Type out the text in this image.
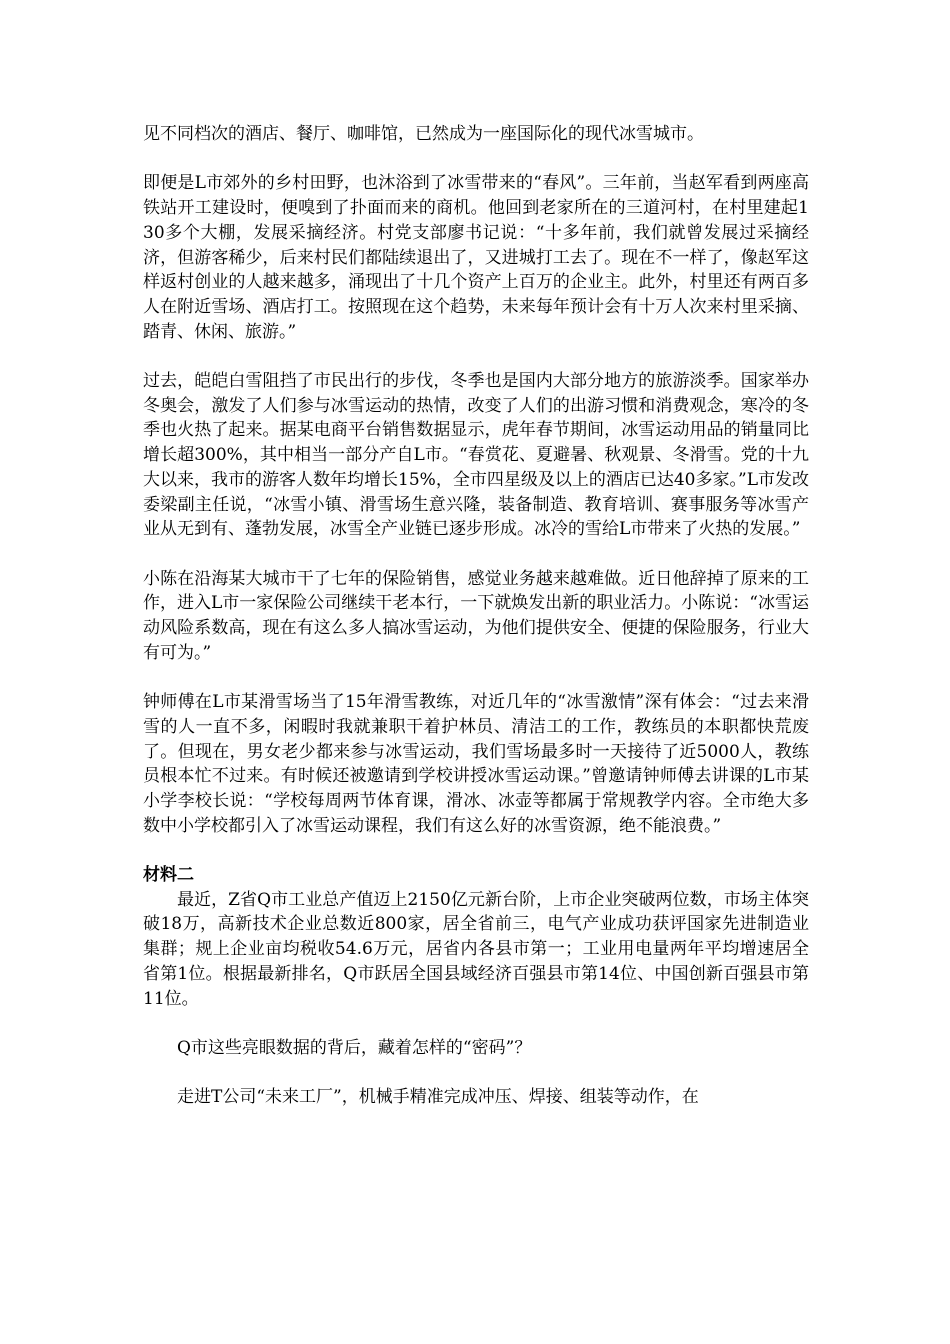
见不同档次的酒店、餐厅、咖啡馆，已然成为一座国际化的现代冰雪城市。

即便是L市郊外的乡村田野，也沐浴到了冰雪带来的“春风”。三年前，当赵军看到两座高铁站开工建设时，便嗅到了扑面而来的商机。他回到老家所在的三道河村，在村里建起130多个大棚，发展采摘经济。村党支部廖书记说：“十多年前，我们就曾发展过采摘经济，但游客稀少，后来村民们都陆续退出了，又进城打工去了。现在不一样了，像赵军这样返村创业的人越来越多，涌现出了十几个资产上百万的企业主。此外，村里还有两百多人在附近雪场、酒店打工。按照现在这个趋势，未来每年预计会有十万人次来村里采摘、踏青、休闲、旅游。”

过去，皑皑白雪阻挡了市民出行的步伐，冬季也是国内大部分地方的旅游淡季。国家举办冬奥会，激发了人们参与冰雪运动的热情，改变了人们的出游习惯和消费观念，寒冷的冬季也火热了起来。据某电商平台销售数据显示，虎年春节期间，冰雪运动用品的销量同比增长超300%，其中相当一部分产自L市。“春赏花、夏避暑、秋观景、冬滑雪。党的十九大以来，我市的游客人数年均增长15%，全市四星级及以上的酒店已达40多家。”L市发改委梁副主任说，“冰雪小镇、滑雪场生意兴隆，装备制造、教育培训、赛事服务等冰雪产业从无到有、蓬勃发展，冰雪全产业链已逐步形成。冰冷的雪给L市带来了火热的发展。”

小陈在沿海某大城市干了七年的保险销售，感觉业务越来越难做。近日他辞掉了原来的工作，进入L市一家保险公司继续干老本行，一下就焕发出新的职业活力。小陈说：“冰雪运动风险系数高，现在有这么多人搞冰雪运动，为他们提供安全、便捷的保险服务，行业大有可为。”

钟师傅在L市某滑雪场当了15年滑雪教练，对近几年的“冰雪激情”深有体会：“过去来滑雪的人一直不多，闲暇时我就兼职干着护林员、清洁工的工作，教练员的本职都快荒废了。但现在，男女老少都来参与冰雪运动，我们雪场最多时一天接待了近5000人，教练员根本忙不过来。有时候还被邀请到学校讲授冰雪运动课。”曾邀请钟师傅去讲课的L市某小学李校长说：“学校每周两节体育课，滑冰、冰壶等都属于常规教学内容。全市绝大多数中小学校都引入了冰雪运动课程，我们有这么好的冰雪资源，绝不能浪费。”

材料二

最近，Z省Q市工业总产值迈上2150亿元新台阶，上市企业突破两位数，市场主体突破18万，高新技术企业总数近800家，居全省前三，电气产业成功获评国家先进制造业集群；规上企业亩均税收54.6万元，居省内各县市第一；工业用电量两年平均增速居全省第1位。根据最新排名，Q市跃居全国县域经济百强县市第14位、中国创新百强县市第11位。

Q市这些亮眼数据的背后，藏着怎样的“密码”？

走进T公司“未来工厂”，机械手精准完成冲压、焊接、组装等动作，在
